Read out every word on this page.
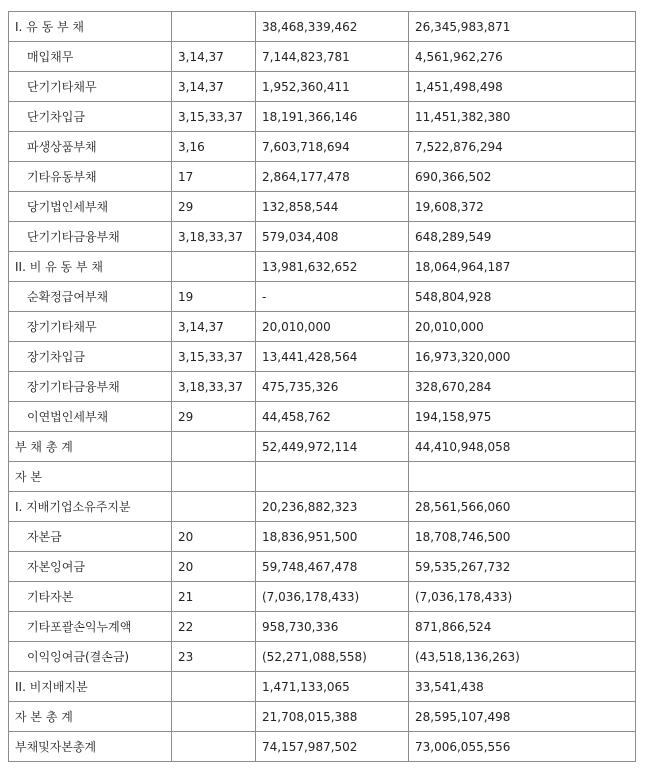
I. 유 동 부 채		38,468,339,462	26,345,983,871
매입채무	3,14,37	7,144,823,781	4,561,962,276
단기기타채무	3,14,37	1,952,360,411	1,451,498,498
단기차입금	3,15,33,37	18,191,366,146	11,451,382,380
파생상품부채	3,16	7,603,718,694	7,522,876,294
기타유동부채	17	2,864,177,478	690,366,502
당기법인세부채	29	132,858,544	19,608,372
단기기타금융부채	3,18,33,37	579,034,408	648,289,549
II. 비 유 동 부 채		13,981,632,652	18,064,964,187
순확정급여부채	19	-	548,804,928
장기기타채무	3,14,37	20,010,000	20,010,000
장기차입금	3,15,33,37	13,441,428,564	16,973,320,000
장기기타금융부채	3,18,33,37	475,735,326	328,670,284
이연법인세부채	29	44,458,762	194,158,975
부 채 총 계		52,449,972,114	44,410,948,058
자 본			
I. 지배기업소유주지분		20,236,882,323	28,561,566,060
자본금	20	18,836,951,500	18,708,746,500
자본잉여금	20	59,748,467,478	59,535,267,732
기타자본	21	(7,036,178,433)	(7,036,178,433)
기타포괄손익누계액	22	958,730,336	871,866,524
이익잉여금(결손금)	23	(52,271,088,558)	(43,518,136,263)
II. 비지배지분		1,471,133,065	33,541,438
자 본 총 계		21,708,015,388	28,595,107,498
부채및자본총계		74,157,987,502	73,006,055,556
